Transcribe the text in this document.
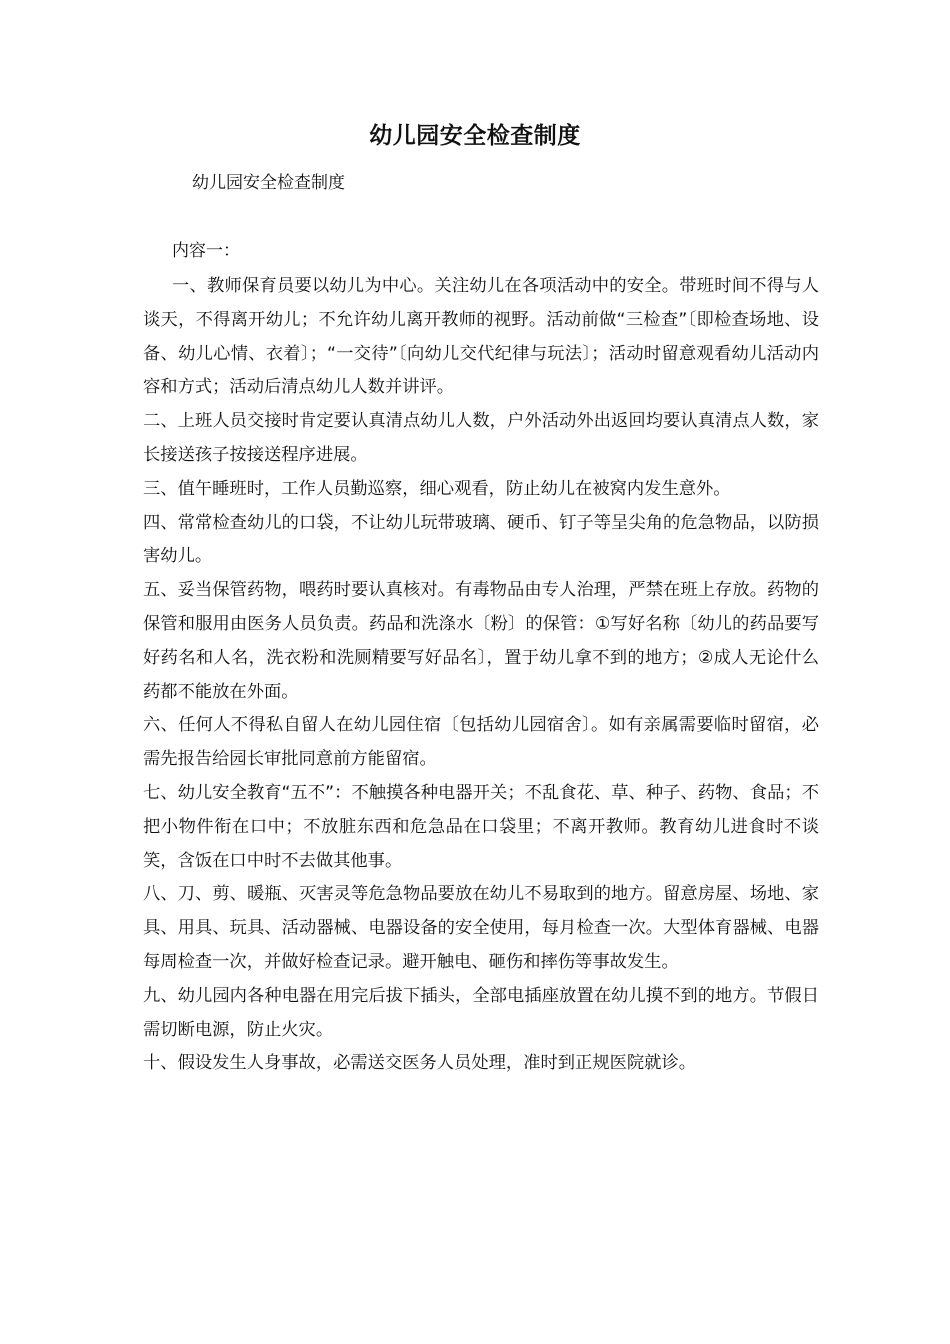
幼儿园安全检查制度
幼儿园安全检查制度
内容一：

一、教师保育员要以幼儿为中心。关注幼儿在各项活动中的安全。带班时间不得与人谈天，不得离开幼儿；不允许幼儿离开教师的视野。活动前做“三检查”〔即检查场地、设备、幼儿心情、衣着〕；“一交待”〔向幼儿交代纪律与玩法〕；活动时留意观看幼儿活动内容和方式；活动后清点幼儿人数并讲评。

二、上班人员交接时肯定要认真清点幼儿人数，户外活动外出返回均要认真清点人数，家长接送孩子按接送程序进展。

三、值午睡班时，工作人员勤巡察，细心观看，防止幼儿在被窝内发生意外。

四、常常检查幼儿的口袋，不让幼儿玩带玻璃、硬币、钉子等呈尖角的危急物品，以防损害幼儿。

五、妥当保管药物，喂药时要认真核对。有毒物品由专人治理，严禁在班上存放。药物的保管和服用由医务人员负责。药品和洗涤水〔粉〕的保管：①写好名称〔幼儿的药品要写好药名和人名，洗衣粉和洗厕精要写好品名〕，置于幼儿拿不到的地方；②成人无论什么药都不能放在外面。

六、任何人不得私自留人在幼儿园住宿〔包括幼儿园宿舍〕。如有亲属需要临时留宿，必需先报告给园长审批同意前方能留宿。

七、幼儿安全教育“五不”：不触摸各种电器开关；不乱食花、草、种子、药物、食品；不把小物件衔在口中；不放脏东西和危急品在口袋里；不离开教师。教育幼儿进食时不谈笑，含饭在口中时不去做其他事。

八、刀、剪、暖瓶、灭害灵等危急物品要放在幼儿不易取到的地方。留意房屋、场地、家具、用具、玩具、活动器械、电器设备的安全使用，每月检查一次。大型体育器械、电器每周检查一次，并做好检查记录。避开触电、砸伤和摔伤等事故发生。

九、幼儿园内各种电器在用完后拔下插头，全部电插座放置在幼儿摸不到的地方。节假日需切断电源，防止火灾。

十、假设发生人身事故，必需送交医务人员处理，准时到正规医院就诊。
